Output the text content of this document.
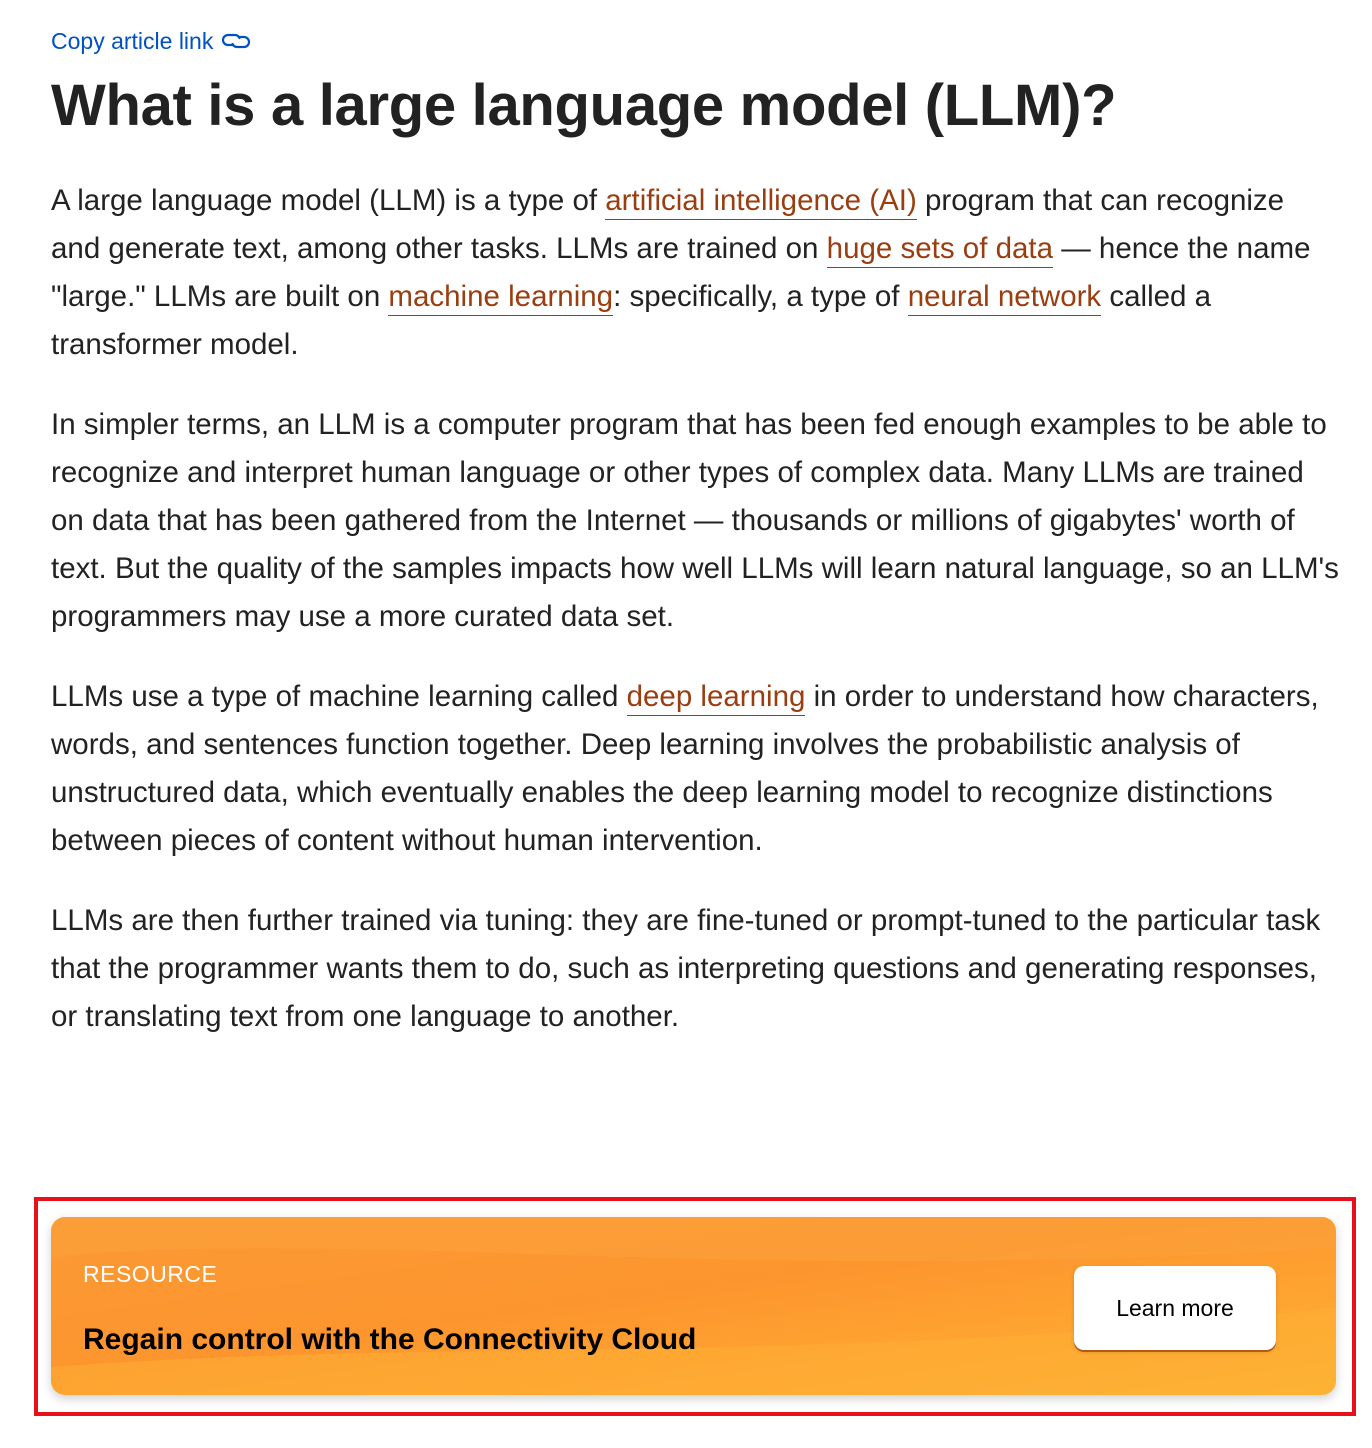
Copy article link
What is a large language model (LLM)?

A large language model (LLM) is a type of artificial intelligence (AI) program that can recognize and generate text, among other tasks. LLMs are trained on huge sets of data — hence the name "large." LLMs are built on machine learning: specifically, a type of neural network called a transformer model.

In simpler terms, an LLM is a computer program that has been fed enough examples to be able to recognize and interpret human language or other types of complex data. Many LLMs are trained on data that has been gathered from the Internet — thousands or millions of gigabytes' worth of text. But the quality of the samples impacts how well LLMs will learn natural language, so an LLM's programmers may use a more curated data set.

LLMs use a type of machine learning called deep learning in order to understand how characters, words, and sentences function together. Deep learning involves the probabilistic analysis of unstructured data, which eventually enables the deep learning model to recognize distinctions between pieces of content without human intervention.

LLMs are then further trained via tuning: they are fine-tuned or prompt-tuned to the particular task that the programmer wants them to do, such as interpreting questions and generating responses, or translating text from one language to another.

RESOURCE
Regain control with the Connectivity Cloud
Learn more
